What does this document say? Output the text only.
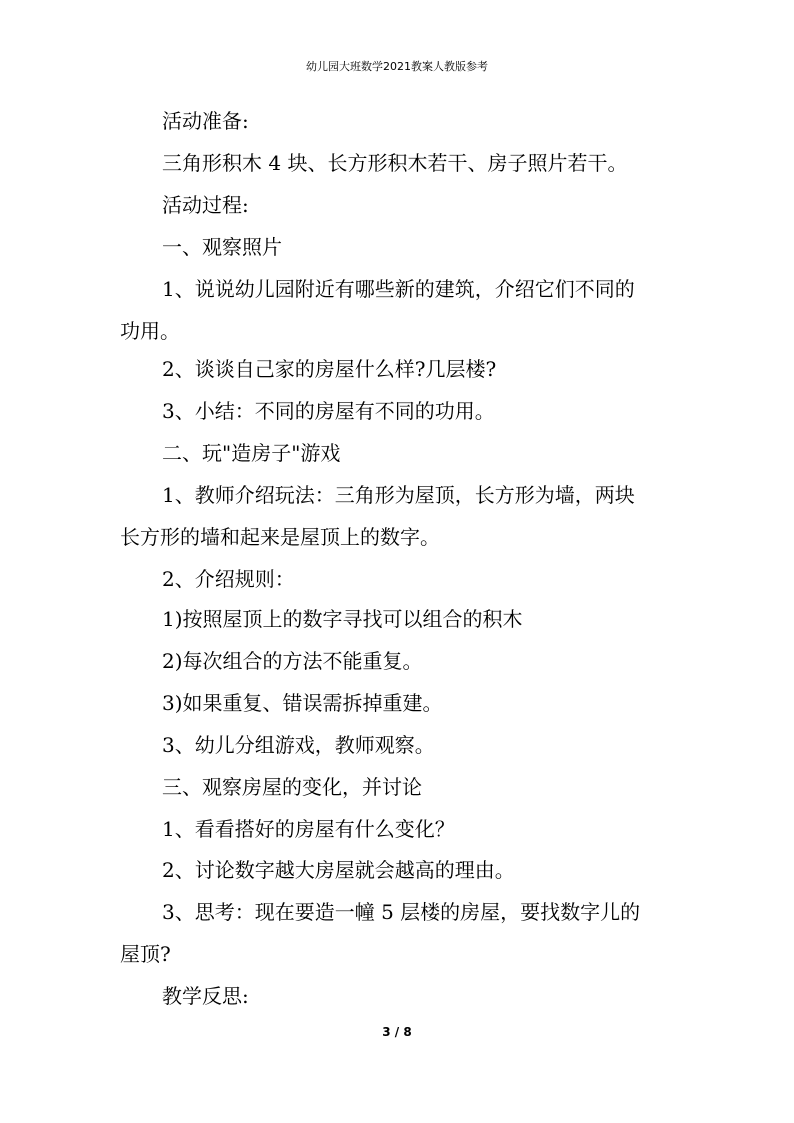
幼儿园大班数学2021教案人教版参考
活动准备:
三角形积木 4 块、长方形积木若干、房子照片若干。
活动过程:
一、观察照片
1、说说幼儿园附近有哪些新的建筑，介绍它们不同的
功用。
2、谈谈自己家的房屋什么样?几层楼?
3、小结：不同的房屋有不同的功用。
二、玩"造房子"游戏
1、教师介绍玩法：三角形为屋顶，长方形为墙，两块
长方形的墙和起来是屋顶上的数字。
2、介绍规则：
1)按照屋顶上的数字寻找可以组合的积木
2)每次组合的方法不能重复。
3)如果重复、错误需拆掉重建。
3、幼儿分组游戏，教师观察。
三、观察房屋的变化，并讨论
1、看看搭好的房屋有什么变化？
2、讨论数字越大房屋就会越高的理由。
3、思考：现在要造一幢 5 层楼的房屋，要找数字儿的
屋顶?
教学反思:
3 / 8
